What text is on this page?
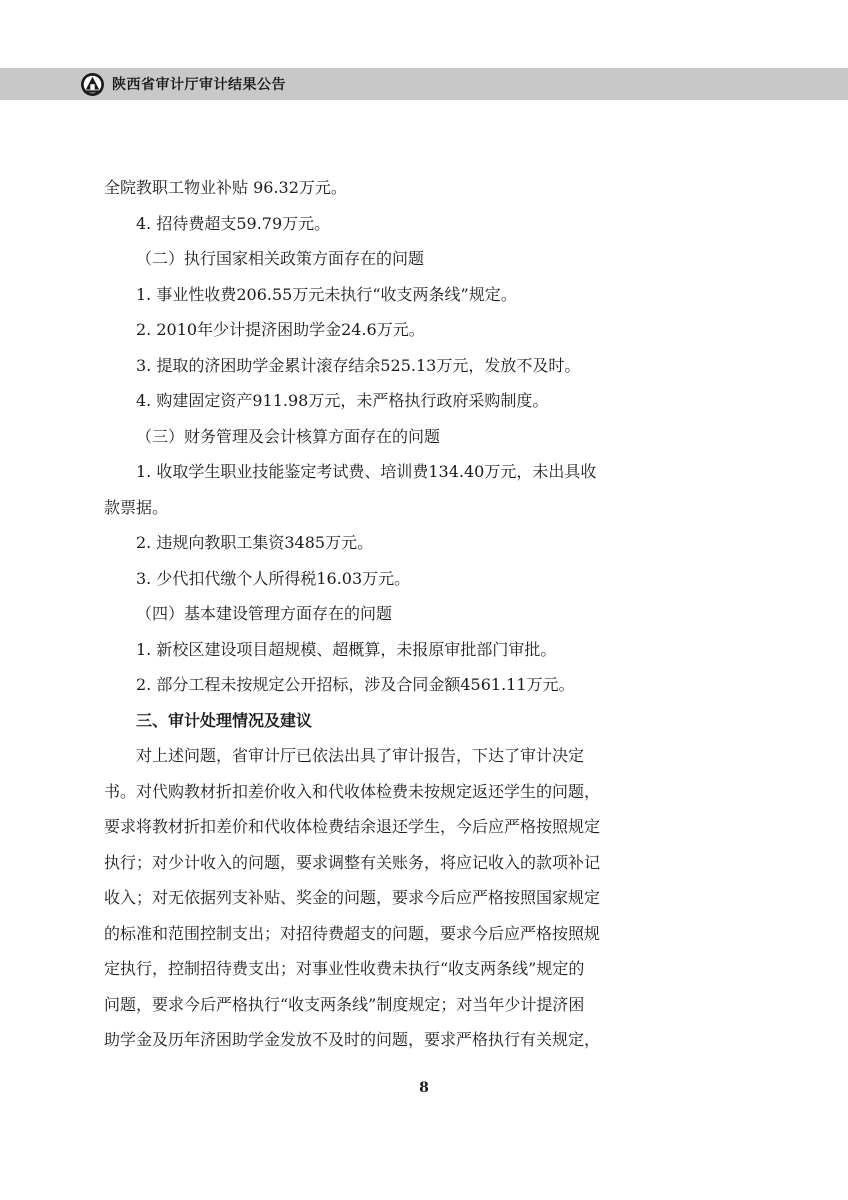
陕西省审计厅审计结果公告
全院教职工物业补贴 96.32万元。
4. 招待费超支59.79万元。
（二）执行国家相关政策方面存在的问题
1. 事业性收费206.55万元未执行“收支两条线”规定。
2. 2010年少计提济困助学金24.6万元。
3. 提取的济困助学金累计滚存结余525.13万元，发放不及时。
4. 购建固定资产911.98万元，未严格执行政府采购制度。
（三）财务管理及会计核算方面存在的问题
1. 收取学生职业技能鉴定考试费、培训费134.40万元，未出具收
款票据。
2. 违规向教职工集资3485万元。
3. 少代扣代缴个人所得税16.03万元。
（四）基本建设管理方面存在的问题
1. 新校区建设项目超规模、超概算，未报原审批部门审批。
2. 部分工程未按规定公开招标，涉及合同金额4561.11万元。
三、审计处理情况及建议
对上述问题，省审计厅已依法出具了审计报告，下达了审计决定
书。对代购教材折扣差价收入和代收体检费未按规定返还学生的问题，
要求将教材折扣差价和代收体检费结余退还学生，今后应严格按照规定
执行；对少计收入的问题，要求调整有关账务，将应记收入的款项补记
收入；对无依据列支补贴、奖金的问题，要求今后应严格按照国家规定
的标准和范围控制支出；对招待费超支的问题，要求今后应严格按照规
定执行，控制招待费支出；对事业性收费未执行“收支两条线”规定的
问题，要求今后严格执行“收支两条线”制度规定；对当年少计提济困
助学金及历年济困助学金发放不及时的问题，要求严格执行有关规定，
8
